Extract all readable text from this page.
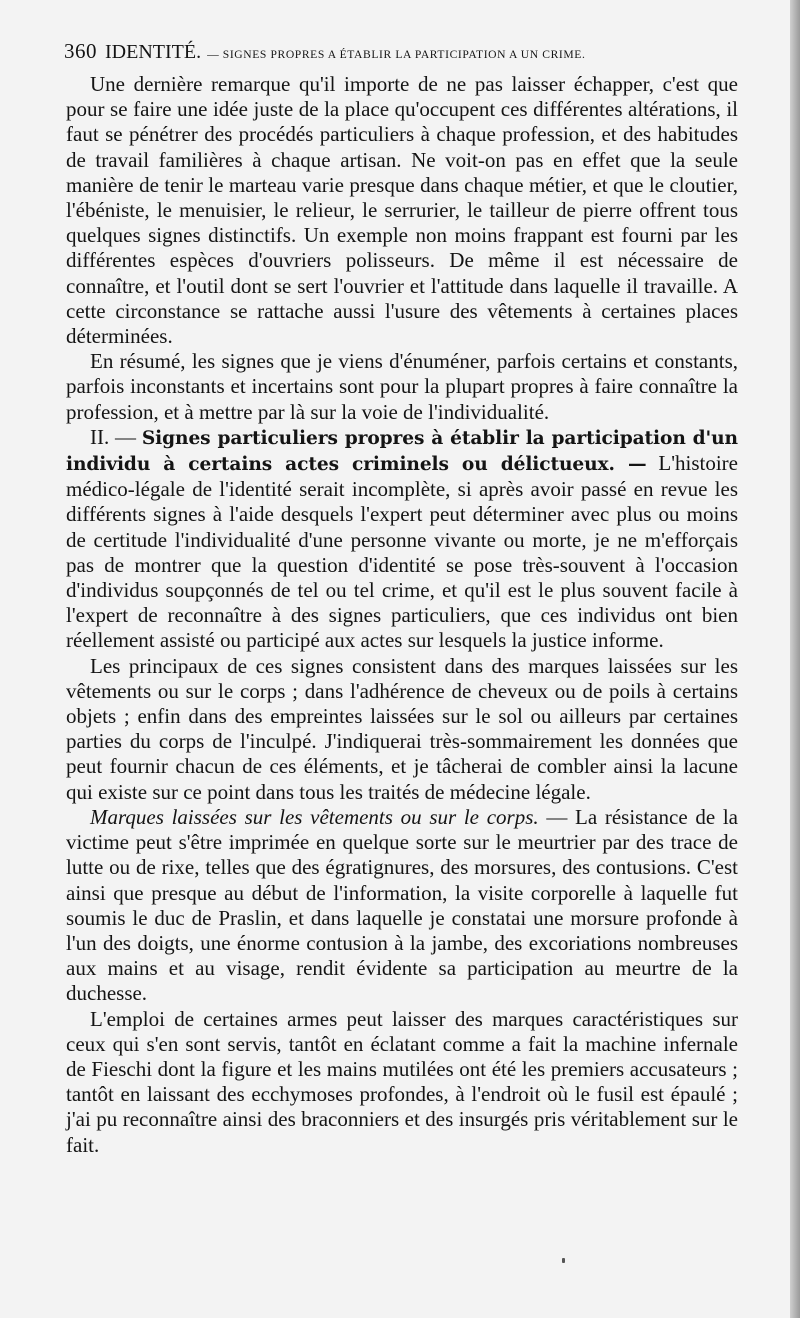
360 IDENTITÉ. — SIGNES PROPRES A ÉTABLIR LA PARTICIPATION A UN CRIME.

Une dernière remarque qu'il importe de ne pas laisser échapper, c'est que pour se faire une idée juste de la place qu'occupent ces différentes altérations, il faut se pénétrer des procédés particuliers à chaque profession, et des habitudes de travail familières à chaque artisan. Ne voit-on pas en effet que la seule manière de tenir le marteau varie presque dans chaque métier, et que le cloutier, l'ébéniste, le menuisier, le relieur, le serrurier, le tailleur de pierre offrent tous quelques signes distinctifs. Un exemple non moins frappant est fourni par les différentes espèces d'ouvriers polisseurs. De même il est nécessaire de connaître, et l'outil dont se sert l'ouvrier et l'attitude dans laquelle il travaille. A cette circonstance se rattache aussi l'usure des vêtements à certaines places déterminées.

En résumé, les signes que je viens d'énuméner, parfois certains et constants, parfois inconstants et incertains sont pour la plupart propres à faire connaître la profession, et à mettre par là sur la voie de l'individualité.

II. — Signes particuliers propres à établir la participation d'un individu à certains actes criminels ou délictueux. — L'histoire médico-légale de l'identité serait incomplète, si après avoir passé en revue les différents signes à l'aide desquels l'expert peut déterminer avec plus ou moins de certitude l'individualité d'une personne vivante ou morte, je ne m'efforçais pas de montrer que la question d'identité se pose très-souvent à l'occasion d'individus soupçonnés de tel ou tel crime, et qu'il est le plus souvent facile à l'expert de reconnaître à des signes particuliers, que ces individus ont bien réellement assisté ou participé aux actes sur lesquels la justice informe.

Les principaux de ces signes consistent dans des marques laissées sur les vêtements ou sur le corps ; dans l'adhérence de cheveux ou de poils à certains objets ; enfin dans des empreintes laissées sur le sol ou ailleurs par certaines parties du corps de l'inculpé. J'indiquerai très-sommairement les données que peut fournir chacun de ces éléments, et je tâcherai de combler ainsi la lacune qui existe sur ce point dans tous les traités de médecine légale.

Marques laissées sur les vêtements ou sur le corps. — La résistance de la victime peut s'être imprimée en quelque sorte sur le meurtrier par des trace de lutte ou de rixe, telles que des égratignures, des morsures, des contusions. C'est ainsi que presque au début de l'information, la visite corporelle à laquelle fut soumis le duc de Praslin, et dans laquelle je constatai une morsure profonde à l'un des doigts, une énorme contusion à la jambe, des excoriations nombreuses aux mains et au visage, rendit évidente sa participation au meurtre de la duchesse.

L'emploi de certaines armes peut laisser des marques caractéristiques sur ceux qui s'en sont servis, tantôt en éclatant comme a fait la machine infernale de Fieschi dont la figure et les mains mutilées ont été les premiers accusateurs ; tantôt en laissant des ecchymoses profondes, à l'endroit où le fusil est épaulé ; j'ai pu reconnaître ainsi des braconniers et des insurgés pris véritablement sur le fait.
